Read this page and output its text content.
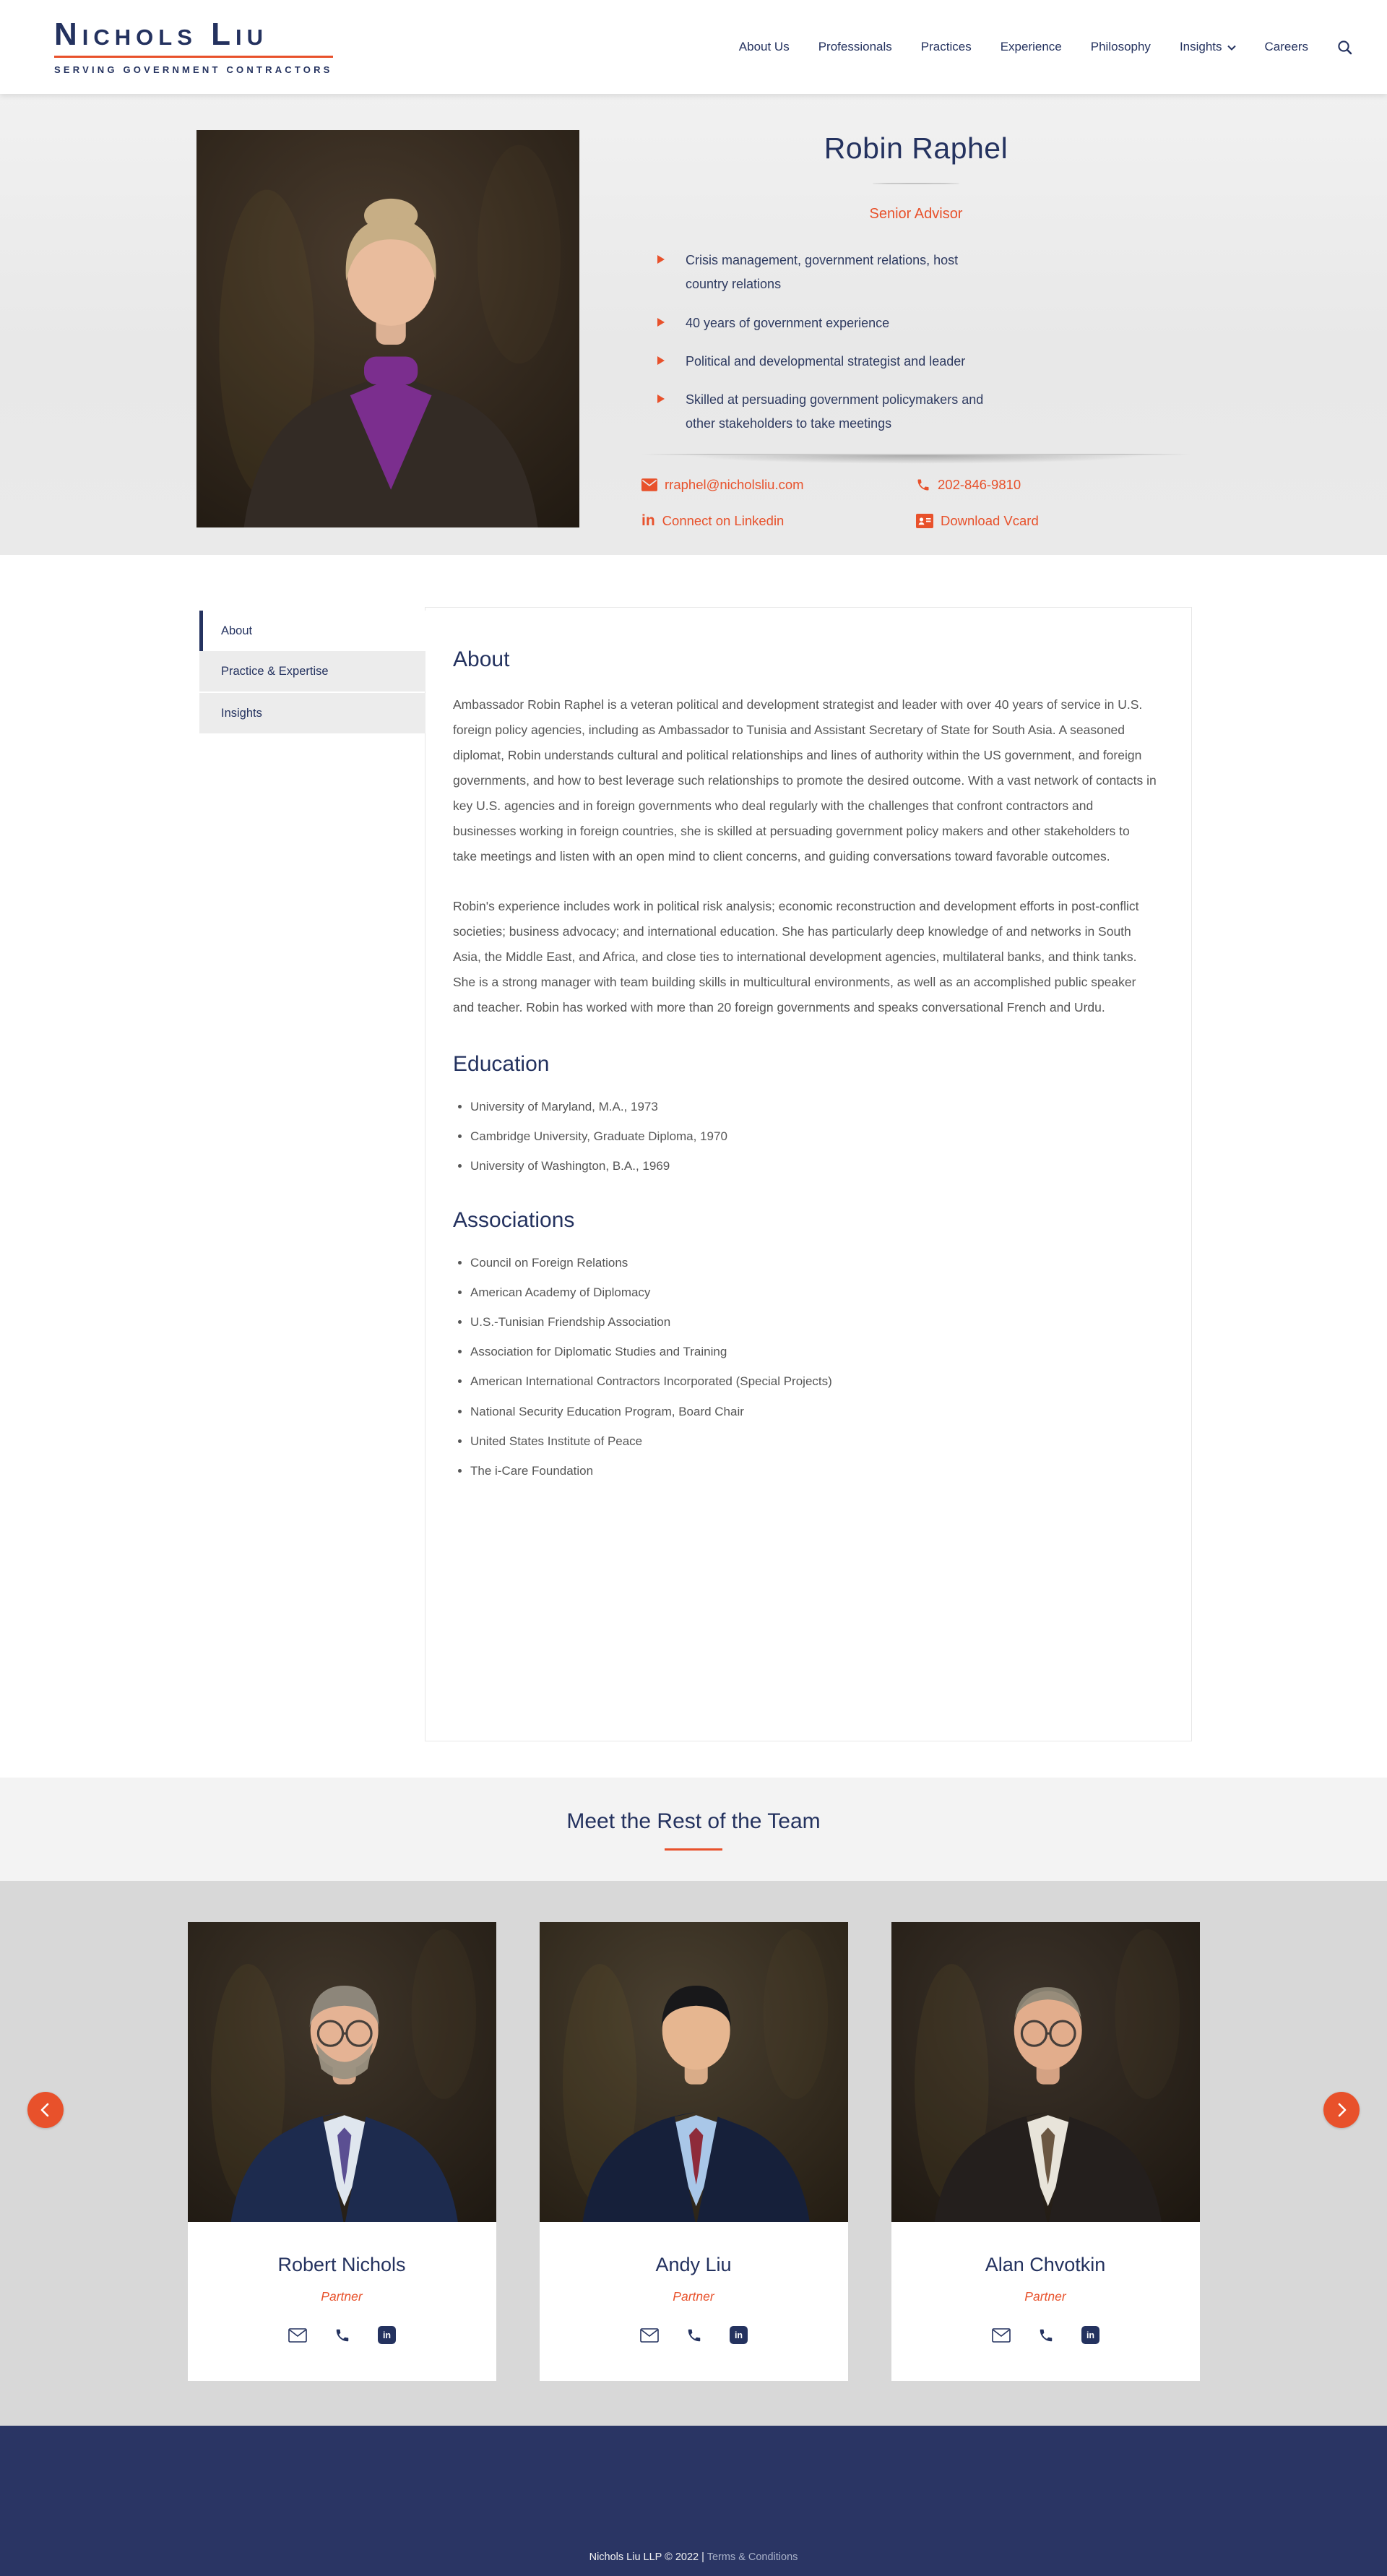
Nichols Liu
SERVING GOVERNMENT CONTRACTORS
About Us Professionals Practices Experience Philosophy Insights	Careers
Robin Raphel
Senior Advisor
Crisis management, government relations, host country relations
40 years of government experience
Political and developmental strategist and leader
Skilled at persuading government policymakers and other stakeholders to take meetings
rraphel@nicholsliu.com	202-846-9810
in Connect on Linkedin	Download Vcard
About
Practice & Expertise
Insights
About

Ambassador Robin Raphel is a veteran political and development strategist and leader with over 40 years of service in U.S. foreign policy agencies, including as Ambassador to Tunisia and Assistant Secretary of State for South Asia. A seasoned diplomat, Robin understands cultural and political relationships and lines of authority within the US government, and foreign governments, and how to best leverage such relationships to promote the desired outcome. With a vast network of contacts in key U.S. agencies and in foreign governments who deal regularly with the challenges that confront contractors and businesses working in foreign countries, she is skilled at persuading government policy makers and other stakeholders to take meetings and listen with an open mind to client concerns, and guiding conversations toward favorable outcomes.

Robin's experience includes work in political risk analysis; economic reconstruction and development efforts in post-conflict societies; business advocacy; and international education. She has particularly deep knowledge of and networks in South Asia, the Middle East, and Africa, and close ties to international development agencies, multilateral banks, and think tanks. She is a strong manager with team building skills in multicultural environments, as well as an accomplished public speaker and teacher. Robin has worked with more than 20 foreign governments and speaks conversational French and Urdu.

Education
• University of Maryland, M.A., 1973
• Cambridge University, Graduate Diploma, 1970
• University of Washington, B.A., 1969
Associations
• Council on Foreign Relations
• American Academy of Diplomacy
• U.S.-Tunisian Friendship Association
• Association for Diplomatic Studies and Training
• American International Contractors Incorporated (Special Projects)
• National Security Education Program, Board Chair
• United States Institute of Peace
• The i-Care Foundation
Meet the Rest of the Team
Robert Nichols
Partner
in
Andy Liu
Partner
in
Alan Chvotkin
Partner
in
Nichols Liu LLP © 2022 | Terms & Conditions
